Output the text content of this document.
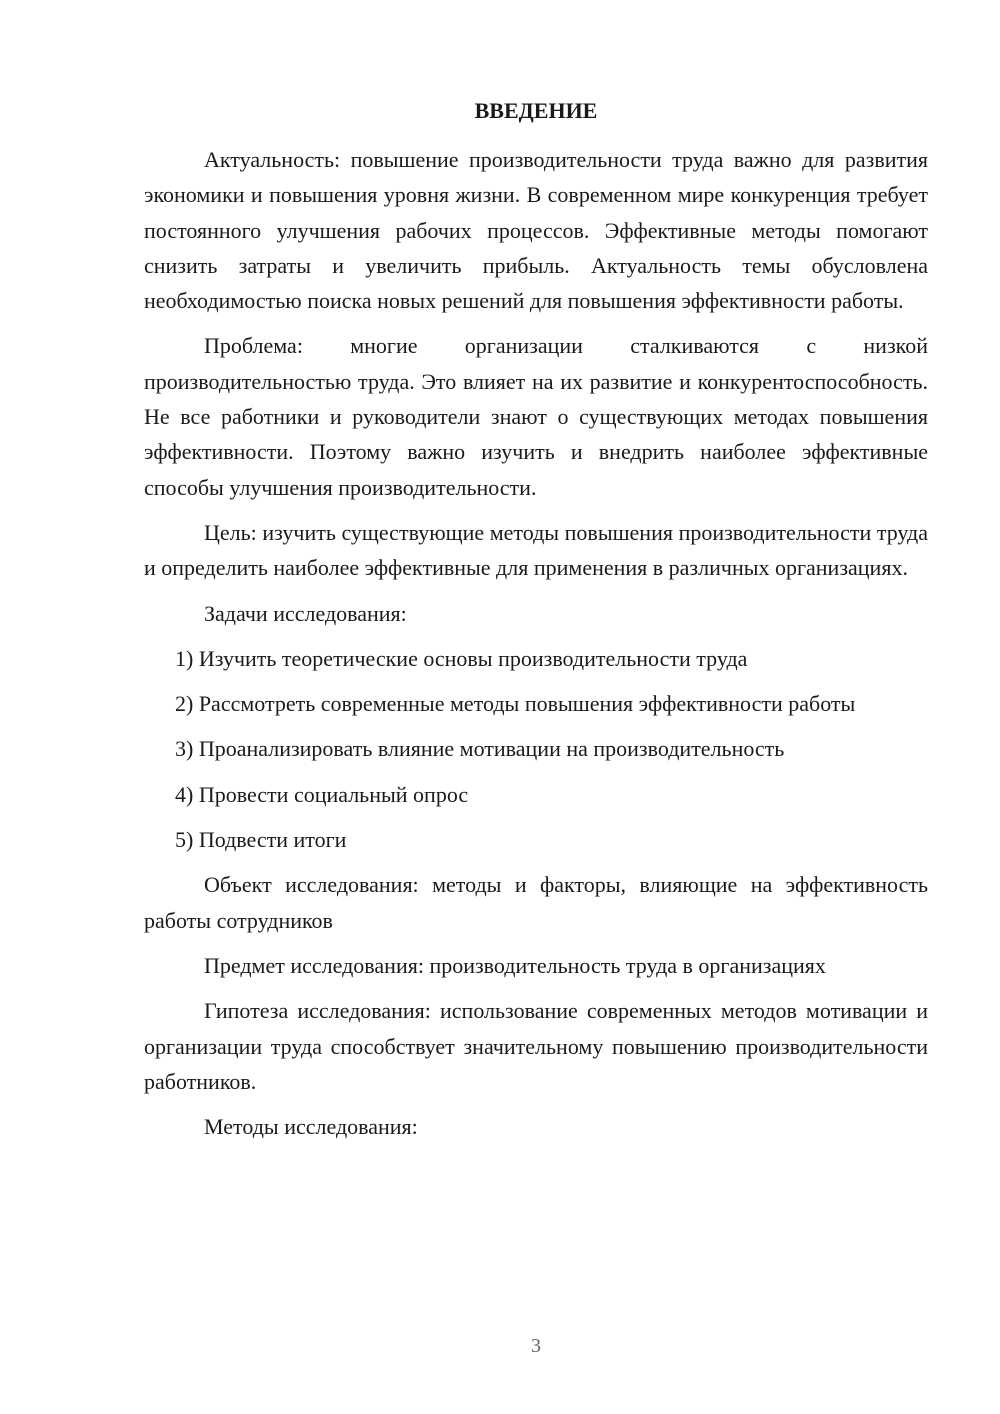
ВВЕДЕНИЕ

Актуальность: повышение производительности труда важно для развития экономики и повышения уровня жизни. В современном мире конкуренция требует постоянного улучшения рабочих процессов. Эффективные методы помогают снизить затраты и увеличить прибыль. Актуальность темы обусловлена необходимостью поиска новых решений для повышения эффективности работы.

Проблема: многие организации сталкиваются с низкой производительностью труда. Это влияет на их развитие и конкурентоспособность. Не все работники и руководители знают о существующих методах повышения эффективности. Поэтому важно изучить и внедрить наиболее эффективные способы улучшения производительности.

Цель: изучить существующие методы повышения производительности труда и определить наиболее эффективные для применения в различных организациях.

Задачи исследования:

1) Изучить теоретические основы производительности труда

2) Рассмотреть современные методы повышения эффективности работы

3) Проанализировать влияние мотивации на производительность

4) Провести социальный опрос

5) Подвести итоги

Объект исследования: методы и факторы, влияющие на эффективность работы сотрудников

Предмет исследования: производительность труда в организациях

Гипотеза исследования: использование современных методов мотивации и организации труда способствует значительному повышению производительности работников.

Методы исследования:

3
